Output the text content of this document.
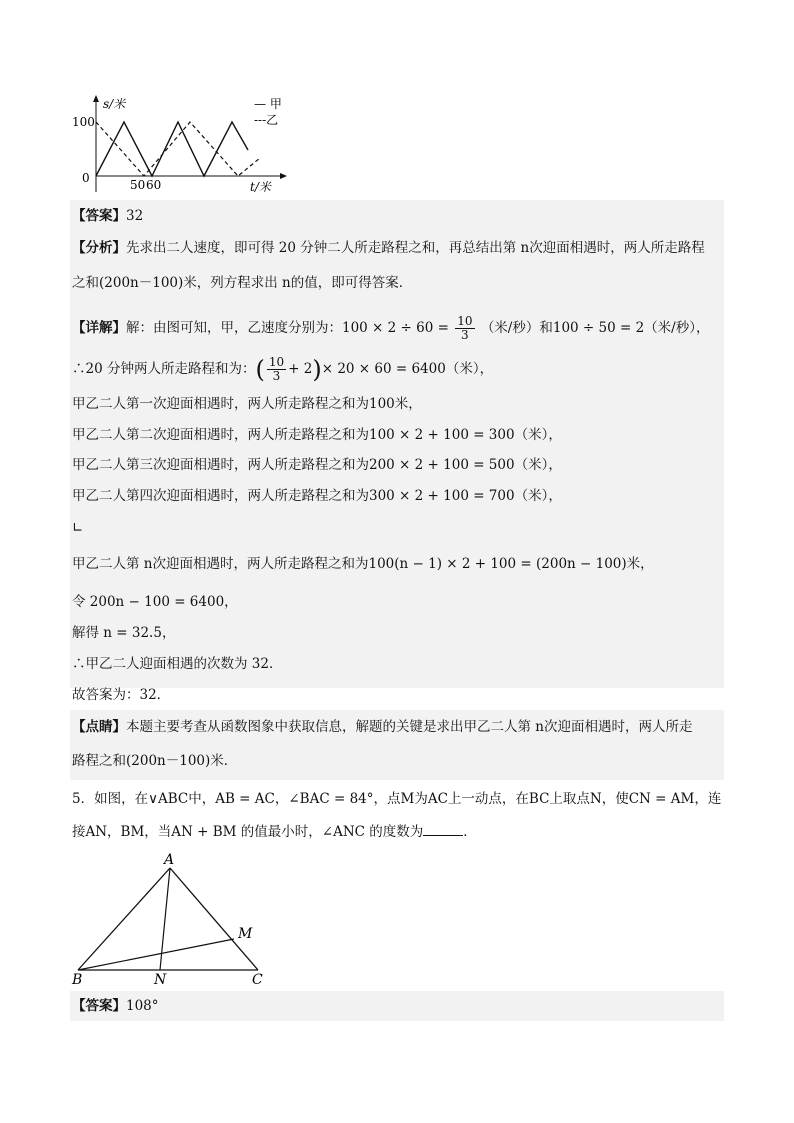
s/米
100
0	50 60	t/米
— 甲
---乙
【答案】32
【分析】先求出二人速度，即可得 20 分钟二人所走路程之和，再总结出第 n次迎面相遇时，两人所走路程
之和(200n－100)米，列方程求出 n的值，即可得答案．
【详解】解：由图可知，甲，乙速度分别为：$100 \times 2 \div 60 = \frac{10}{3}$ （米/秒）和100 ÷ 50 = 2（米/秒），
∴20 分钟两人所走路程和为：( $\frac{10}{3} + 2)\times 20 \times 60 = 6400$（米），
甲乙二人第一次迎面相遇时，两人所走路程之和为100米，
甲乙二人第二次迎面相遇时，两人所走路程之和为100 × 2 + 100 = 300（米），
甲乙二人第三次迎面相遇时，两人所走路程之和为200 × 2 + 100 = 500（米），
甲乙二人第四次迎面相遇时，两人所走路程之和为300 × 2 + 100 = 700（米），
∟
甲乙二人第 n次迎面相遇时，两人所走路程之和为100(n − 1) × 2 + 100 = (200n − 100)米，
令 200n − 100 = 6400，
解得 n = 32.5，
∴甲乙二人迎面相遇的次数为 32．
故答案为：32．
【点睛】本题主要考查从函数图象中获取信息，解题的关键是求出甲乙二人第 n次迎面相遇时，两人所走
路程之和(200n－100)米．
5．如图，在∨ABC中，AB = AC，∠BAC = 84°，点M为AC上一动点，在BC上取点N，使CN = AM，连
接AN，BM，当AN + BM 的值最小时，∠ANC 的度数为	．
A
B	C
M
N
【答案】108°
